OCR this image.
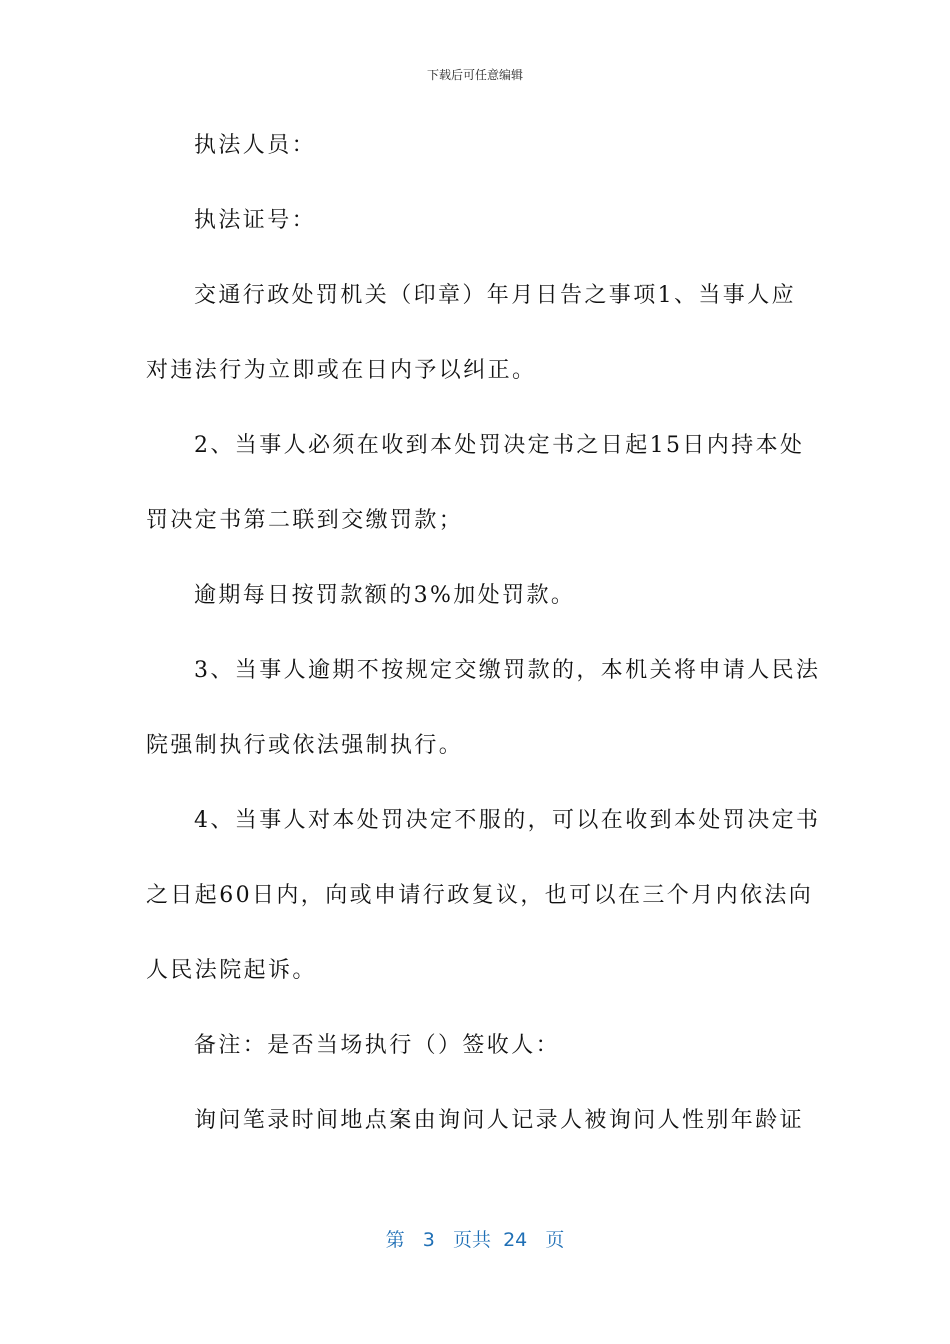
下载后可任意编辑
执法人员：
执法证号：
交通行政处罚机关（印章）年月日告之事项1、当事人应
对违法行为立即或在日内予以纠正。
2、当事人必须在收到本处罚决定书之日起15日内持本处
罚决定书第二联到交缴罚款；
逾期每日按罚款额的3%加处罚款。
3、当事人逾期不按规定交缴罚款的，本机关将申请人民法
院强制执行或依法强制执行。
4、当事人对本处罚决定不服的，可以在收到本处罚决定书
之日起60日内，向或申请行政复议，也可以在三个月内依法向
人民法院起诉。
备注：是否当场执行（）签收人：
询问笔录时间地点案由询问人记录人被询问人性别年龄证
第 3 页共 24 页
